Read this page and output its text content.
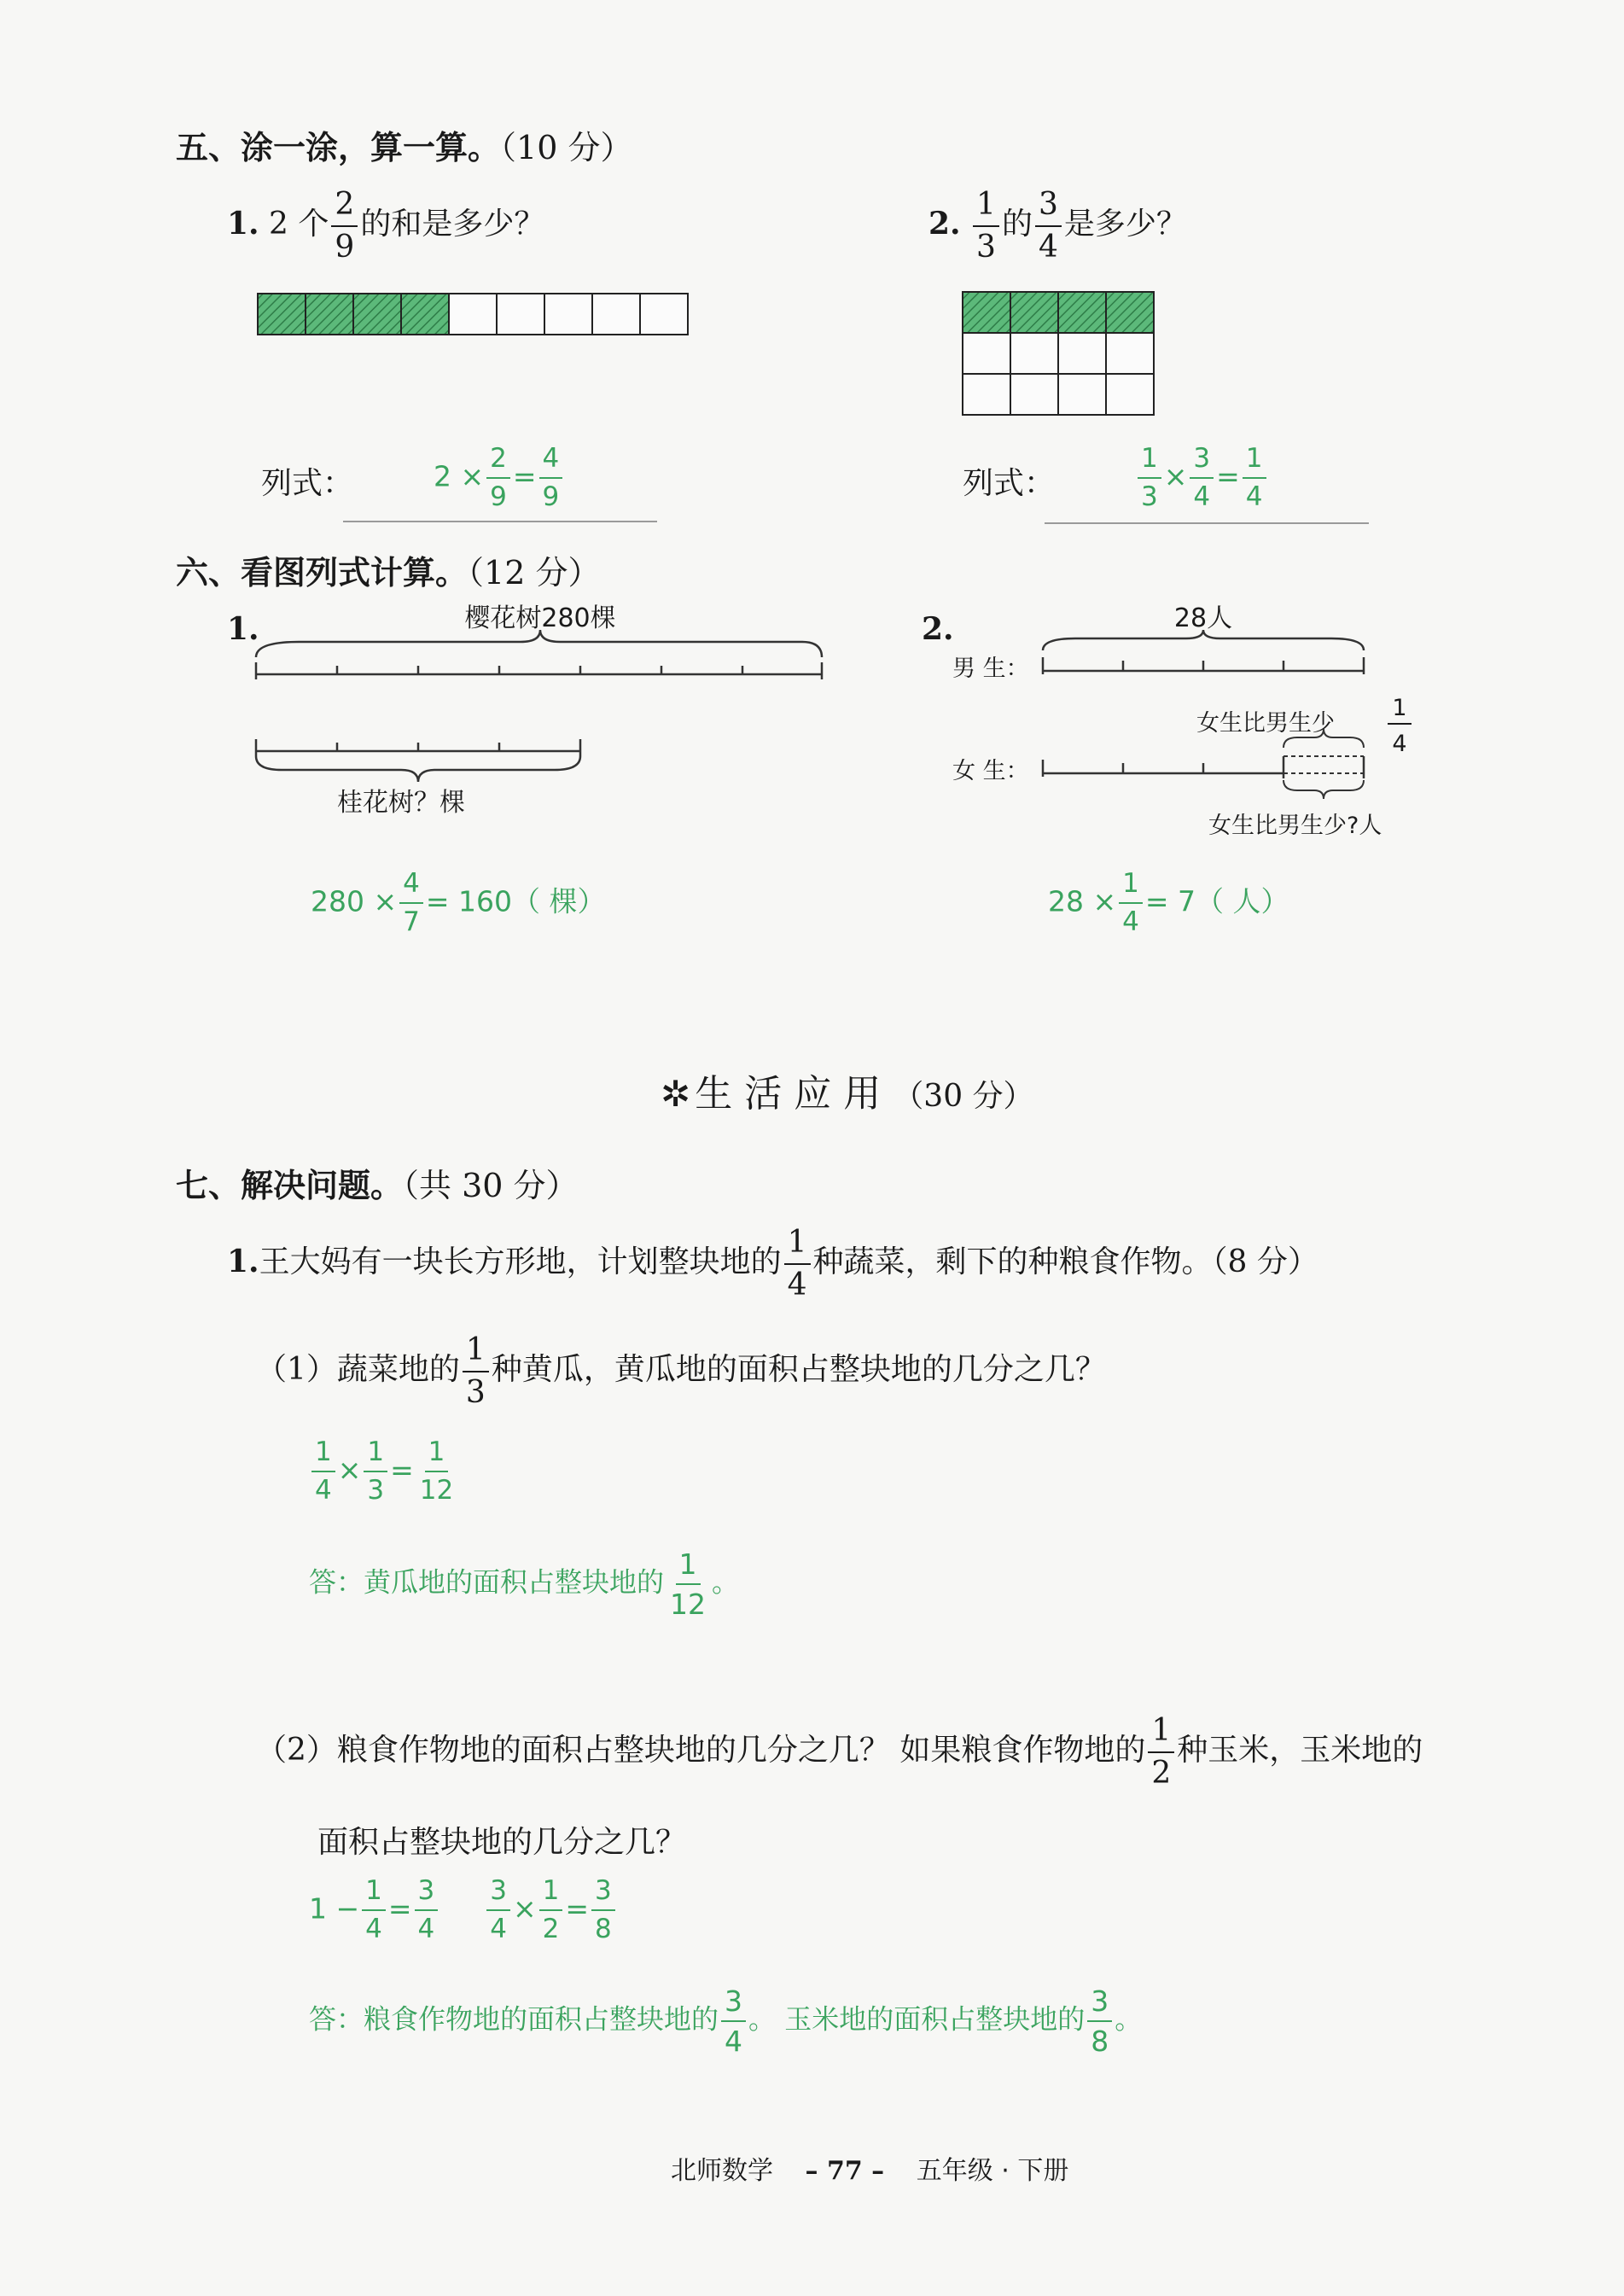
五、涂一涂，算一算。（10 分）
1. 2 个 $\frac{2}{9}$ 的和是多少？	2. $\frac{1}{3}$ 的 $\frac{3}{4}$ 是多少？
列式：	$2 \times \frac{2}{9} = \frac{4}{9}$	列式：	$\frac{1}{3} \times \frac{3}{4} = \frac{1}{4}$
六、看图列式计算。（12 分）
1.	2.
樱花树280棵
桂花树？棵
$280 \times \frac{4}{7} = 160$（ 棵）
28人
男 生：
女生比男生少
1
4
女 生：
女生比男生少?人
$28 \times \frac{1}{4} = 7$（ 人）
✲ 生活应用（30 分）
七、解决问题。（共 30 分）
1.王大妈有一块长方形地，计划整块地的 $\frac{1}{4}$ 种蔬菜，剩下的种粮食作物。（8 分）
（1）蔬菜地的 $\frac{1}{3}$ 种黄瓜，黄瓜地的面积占整块地的几分之几？
$\frac{1}{4} \times \frac{1}{3} = \frac{1}{12}$
答：黄瓜地的面积占整块地的 $\frac{1}{12}$ 。
（2）粮食作物地的面积占整块地的几分之几？ 如果粮食作物地的 $\frac{1}{2}$ 种玉米，玉米地的
面积占整块地的几分之几？
$1 - \frac{1}{4} = \frac{3}{4}$
$\frac{3}{4} \times \frac{1}{2} = \frac{3}{8}$
答：粮食作物地的面积占整块地的 $\frac{3}{4}$ 。 玉米地的面积占整块地的 $\frac{3}{8}$ 。
北师数学 – 77 – 五年级 · 下册
